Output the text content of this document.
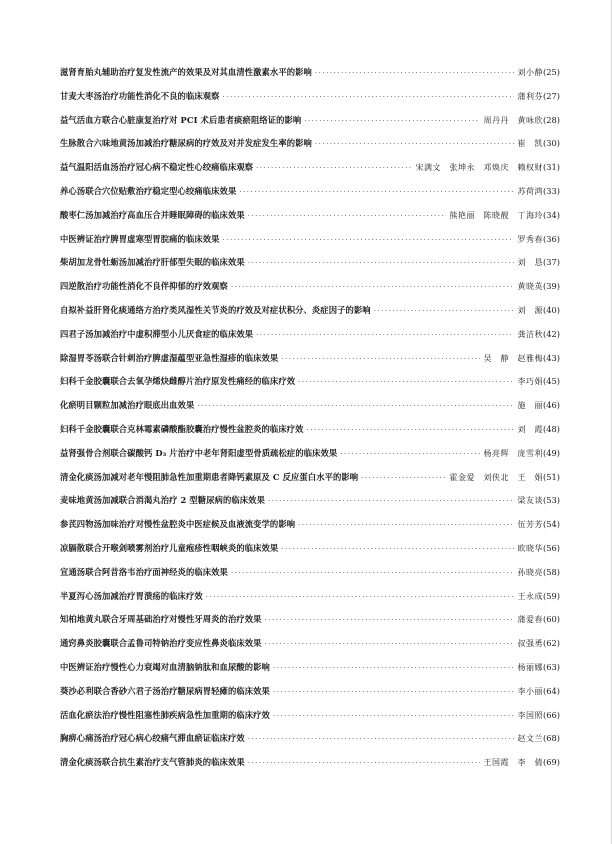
滋肾育胎丸辅助治疗复发性流产的效果及对其血清性激素水平的影响 ·····	刘小静 (25)
甘麦大枣汤治疗功能性消化不良的临床观察 ·····	蒲利芬 (27)
益气活血方联合心脏康复治疗对 PCI 术后患者痰瘀阻络证的影响 ·····	周丹丹　黄咏欣 (28)
生脉散合六味地黄汤加减治疗糖尿病的疗效及对并发症发生率的影响 ·····	崔　凯 (30)
益气温阳活血汤治疗冠心病不稳定性心绞痛临床观察 ·····	宋满文　张坤永　邓焕庆　赖权财 (31)
养心汤联合穴位贴敷治疗稳定型心绞痛临床效果 ·····	苏荷鸿 (33)
酸枣仁汤加减治疗高血压合并睡眠障碍的临床效果 ·····	熊艳丽　陈晓靓　丁海玲 (34)
中医辨证治疗脾胃虚寒型胃脘痛的临床效果 ·····	罗秀春 (36)
柴胡加龙骨牡蛎汤加减治疗肝郁型失眠的临床效果 ·····	刘　恳 (37)
四逆散治疗功能性消化不良伴抑郁的疗效观察 ·····	黄晓英 (39)
自拟补益肝肾化痰通络方治疗类风湿性关节炎的疗效及对症状积分、炎症因子的影响 ·····	刘　源 (40)
四君子汤加减治疗中虚积滞型小儿厌食症的临床效果 ·····	龚洁秋 (42)
除湿胃苓汤联合针刺治疗脾虚湿蕴型亚急性湿疹的临床效果 ·····	吴　静　赵雅梅 (43)
妇科千金胶囊联合去氧孕烯炔雌醇片治疗原发性痛经的临床疗效 ·····	李巧娟 (45)
化瘀明目颗粒加减治疗眼底出血效果 ·····	施　丽 (46)
妇科千金胶囊联合克林霉素磷酸酯胶囊治疗慢性盆腔炎的临床疗效 ·····	刘　霞 (48)
益肾强骨合剂联合碳酸钙 D₃ 片治疗中老年肾阳虚型骨质疏松症的临床效果 ·····	杨亮辉　庞雪利 (49)
清金化痰汤加减对老年慢阻肺急性加重期患者降钙素原及 C 反应蛋白水平的影响 ·····	霍金爱　刘侠北　王　娟 (51)
麦味地黄汤加减联合消渴丸治疗 2 型糖尿病的临床效果 ·····	梁友谈 (53)
参芪四物汤加味治疗对慢性盆腔炎中医症候及血液流变学的影响 ·····	伍芳芳 (54)
凉膈散联合开喉剑喷雾剂治疗儿童疱疹性咽峡炎的临床效果 ·····	欧晓华 (56)
宣通汤联合阿昔洛韦治疗面神经炎的临床效果 ·····	孙晓亮 (58)
半夏泻心汤加减治疗胃溃疡的临床疗效 ·····	王永成 (59)
知柏地黄丸联合牙周基础治疗对慢性牙周炎的治疗效果 ·····	蒲爱春 (60)
通窍鼻炎胶囊联合孟鲁司特钠治疗变应性鼻炎临床效果 ·····	叔强勇 (62)
中医辨证治疗慢性心力衰竭对血清脑钠肽和血尿酸的影响 ·····	杨丽娜 (63)
葵沙必利联合香砂六君子汤治疗糖尿病胃轻瘫的临床效果 ·····	李小丽 (64)
活血化瘀法治疗慢性阻塞性肺疾病急性加重期的临床疗效 ·····	李国照 (66)
胸痹心痛汤治疗冠心病心绞痛气滞血瘀证临床疗效 ·····	赵文兰 (68)
清金化痰汤联合抗生素治疗支气管肺炎的临床效果 ·····	王国霞　李　倩 (69)
